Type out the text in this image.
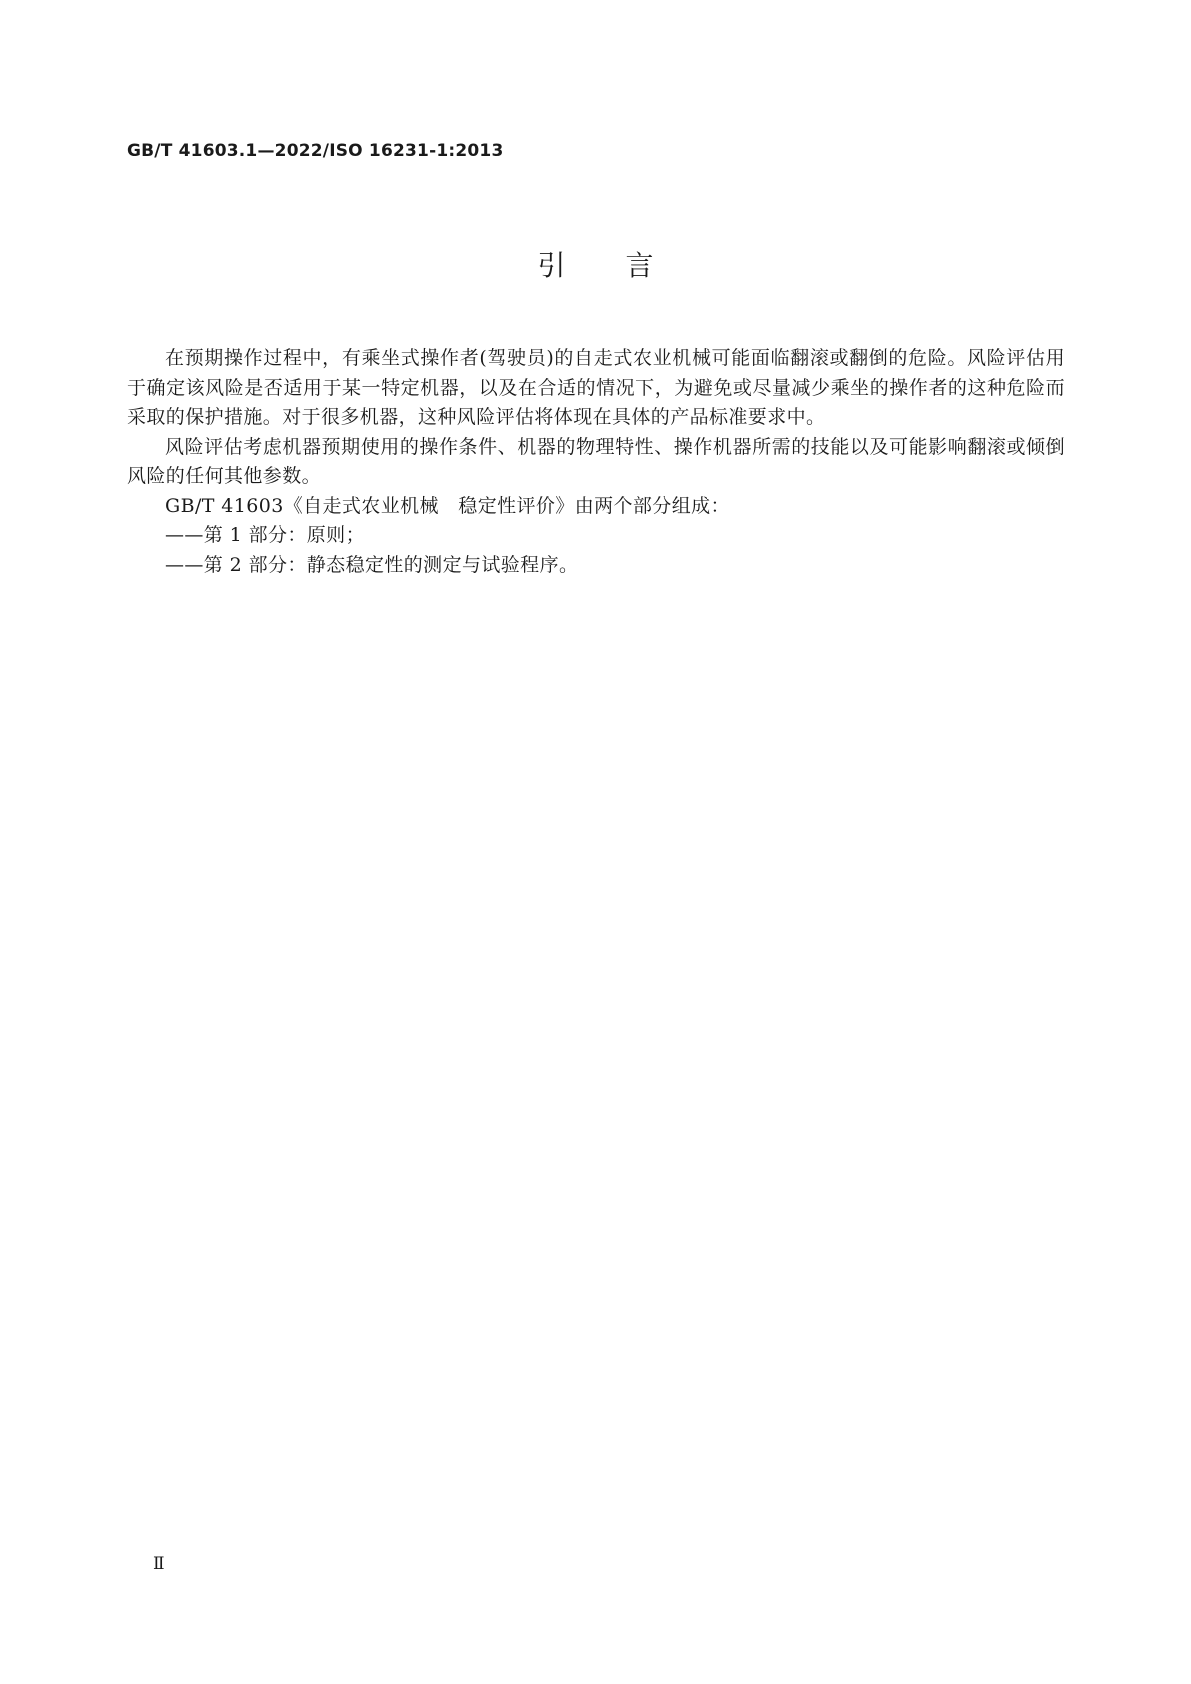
GB/T 41603.1—2022/ISO 16231-1:2013
引言

在预期操作过程中，有乘坐式操作者(驾驶员)的自走式农业机械可能面临翻滚或翻倒的危险。风险评估用于确定该风险是否适用于某一特定机器，以及在合适的情况下，为避免或尽量减少乘坐的操作者的这种危险而采取的保护措施。对于很多机器，这种风险评估将体现在具体的产品标准要求中。

风险评估考虑机器预期使用的操作条件、机器的物理特性、操作机器所需的技能以及可能影响翻滚或倾倒风险的任何其他参数。

GB/T 41603《自走式农业机械　稳定性评价》由两个部分组成：

——第 1 部分：原则；

——第 2 部分：静态稳定性的测定与试验程序。

Ⅱ
